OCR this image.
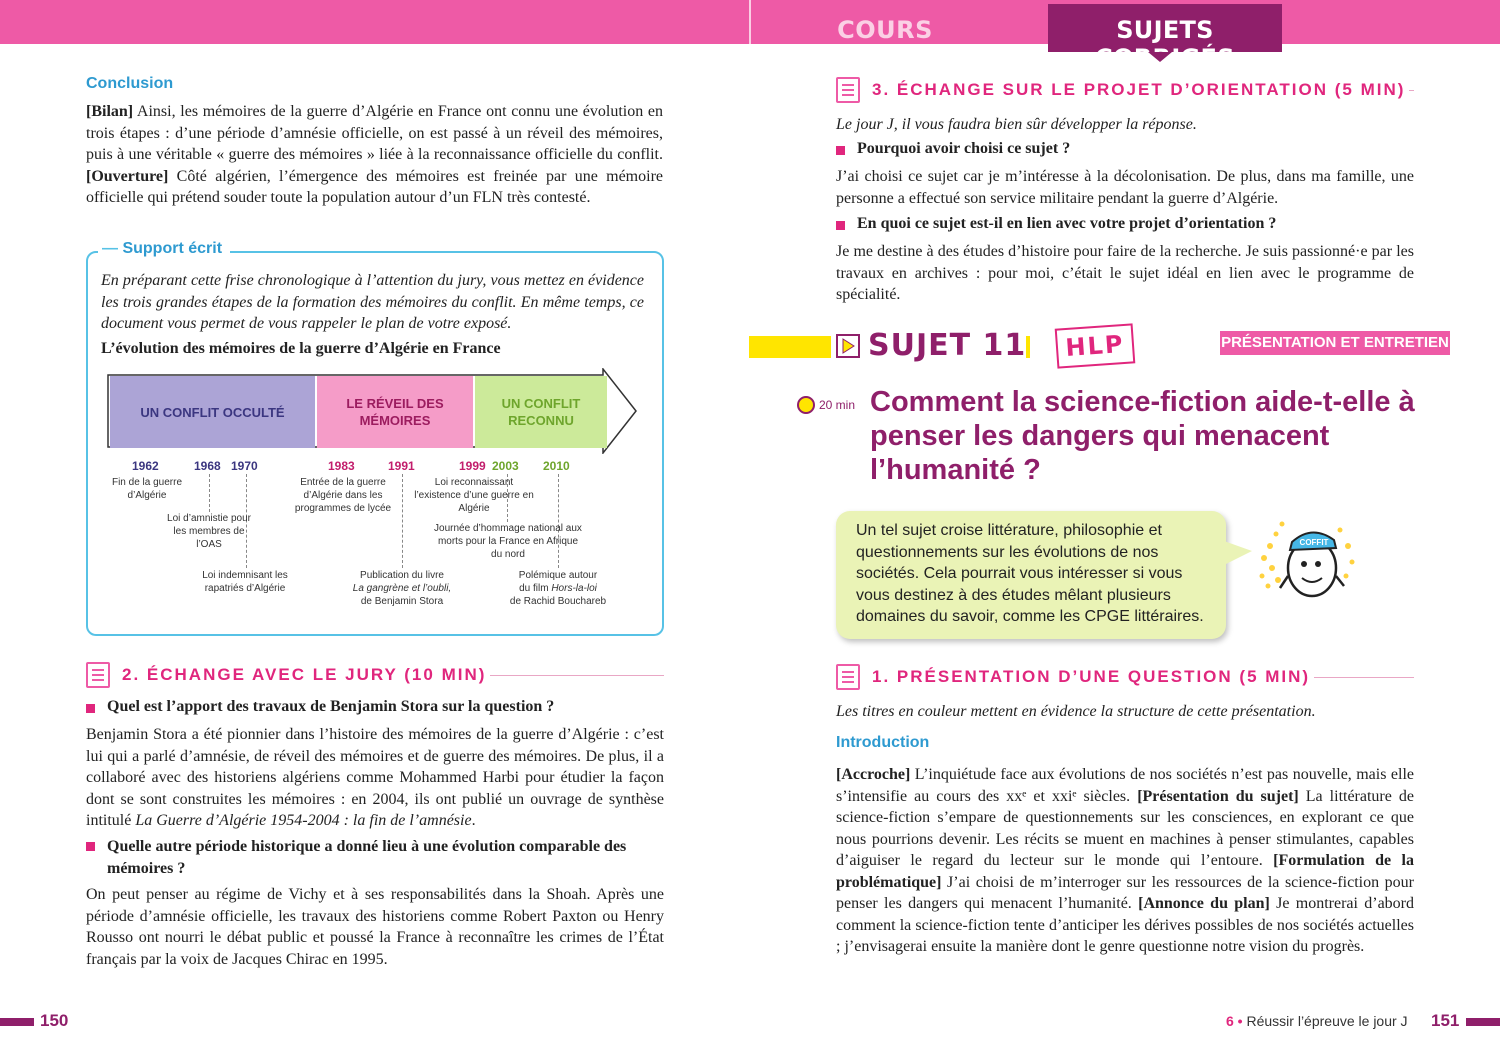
COURS	SUJETS CORRIGÉS
Conclusion
[Bilan] Ainsi, les mémoires de la guerre d’Algérie en France ont connu une évolution en trois étapes : d’une période d’amnésie officielle, on est passé à un réveil des mémoires, puis à une véritable « guerre des mémoires » liée à la reconnaissance officielle du conflit. [Ouverture] Côté algérien, l’émergence des mémoires est freinée par une mémoire officielle qui prétend souder toute la population autour d’un FLN très contesté.
— Support écrit
En préparant cette frise chronologique à l’attention du jury, vous mettez en évidence les trois grandes étapes de la formation des mémoires du conflit. En même temps, ce document vous permet de vous rappeler le plan de votre exposé.
L’évolution des mémoires de la guerre d’Algérie en France
UN CONFLIT OCCULTÉ
LE RÉVEIL DES MÉMOIRES
UN CONFLIT RECONNU
1962	1968 1970	1983	1991	1999 2003 2010
Fin de la guerre d’Algérie
Loi d’amnistie pour les membres de l’OAS
Loi indemnisant les rapatriés d’Algérie
Entrée de la guerre d’Algérie dans les programmes de lycée
Publication du livre
La gangrène et l’oubli,
de Benjamin Stora
Loi reconnaissant l’existence d’une guerre en Algérie
Journée d’hommage national aux morts pour la France en Afrique du nord
Polémique autour
du film Hors-la-loi
de Rachid Bouchareb
2. ÉCHANGE AVEC LE JURY (10 MIN)
Quel est l’apport des travaux de Benjamin Stora sur la question ?
Benjamin Stora a été pionnier dans l’histoire des mémoires de la guerre d’Algérie : c’est lui qui a parlé d’amnésie, de réveil des mémoires et de guerre des mémoires. De plus, il a collaboré avec des historiens algériens comme Mohammed Harbi pour étudier la façon dont se sont construites les mémoires : en 2004, ils ont publié un ouvrage de synthèse intitulé La Guerre d’Algérie 1954-2004 : la fin de l’amnésie.
Quelle autre période historique a donné lieu à une évolution comparable des mémoires ?
On peut penser au régime de Vichy et à ses responsabilités dans la Shoah. Après une période d’amnésie officielle, les travaux des historiens comme Robert Paxton ou Henry Rousso ont nourri le débat public et poussé la France à reconnaître les crimes de l’État français par la voix de Jacques Chirac en 1995.
3. ÉCHANGE SUR LE PROJET D’ORIENTATION (5 MIN)
Le jour J, il vous faudra bien sûr développer la réponse.
Pourquoi avoir choisi ce sujet ?
J’ai choisi ce sujet car je m’intéresse à la décolonisation. De plus, dans ma famille, une personne a effectué son service militaire pendant la guerre d’Algérie.
En quoi ce sujet est-il en lien avec votre projet d’orientation ?
Je me destine à des études d’histoire pour faire de la recherche. Je suis passionné·e par les travaux en archives : pour moi, c’était le sujet idéal en lien avec le programme de spécialité.
SUJET 11	HLP	PRÉSENTATION ET ENTRETIEN
20 min Comment la science-fiction aide-t-elle à penser les dangers qui menacent l’humanité ?
Un tel sujet croise littérature, philosophie et questionnements sur les évolutions de nos sociétés. Cela pourrait vous intéresser si vous vous destinez à des études mêlant plusieurs domaines du savoir, comme les CPGE littéraires.
COFFIT
1. PRÉSENTATION D’UNE QUESTION (5 MIN)
Les titres en couleur mettent en évidence la structure de cette présentation.
Introduction
[Accroche] L’inquiétude face aux évolutions de nos sociétés n’est pas nouvelle, mais elle s’intensifie au cours des xxᵉ et xxiᵉ siècles. [Présentation du sujet] La littérature de science-fiction s’empare de questionnements sur les consciences, en explorant ce que nous pourrions devenir. Les récits se muent en machines à penser stimulantes, capables d’aiguiser le regard du lecteur sur le monde qui l’entoure. [Formulation de la problématique] J’ai choisi de m’interroger sur les ressources de la science-fiction pour penser les dangers qui menacent l’humanité. [Annonce du plan] Je montrerai d’abord comment la science-fiction tente d’anticiper les dérives possibles de nos sociétés actuelles ; j’envisagerai ensuite la manière dont le genre questionne notre vision du progrès.
150	6 • Réussir l’épreuve le jour J 151
